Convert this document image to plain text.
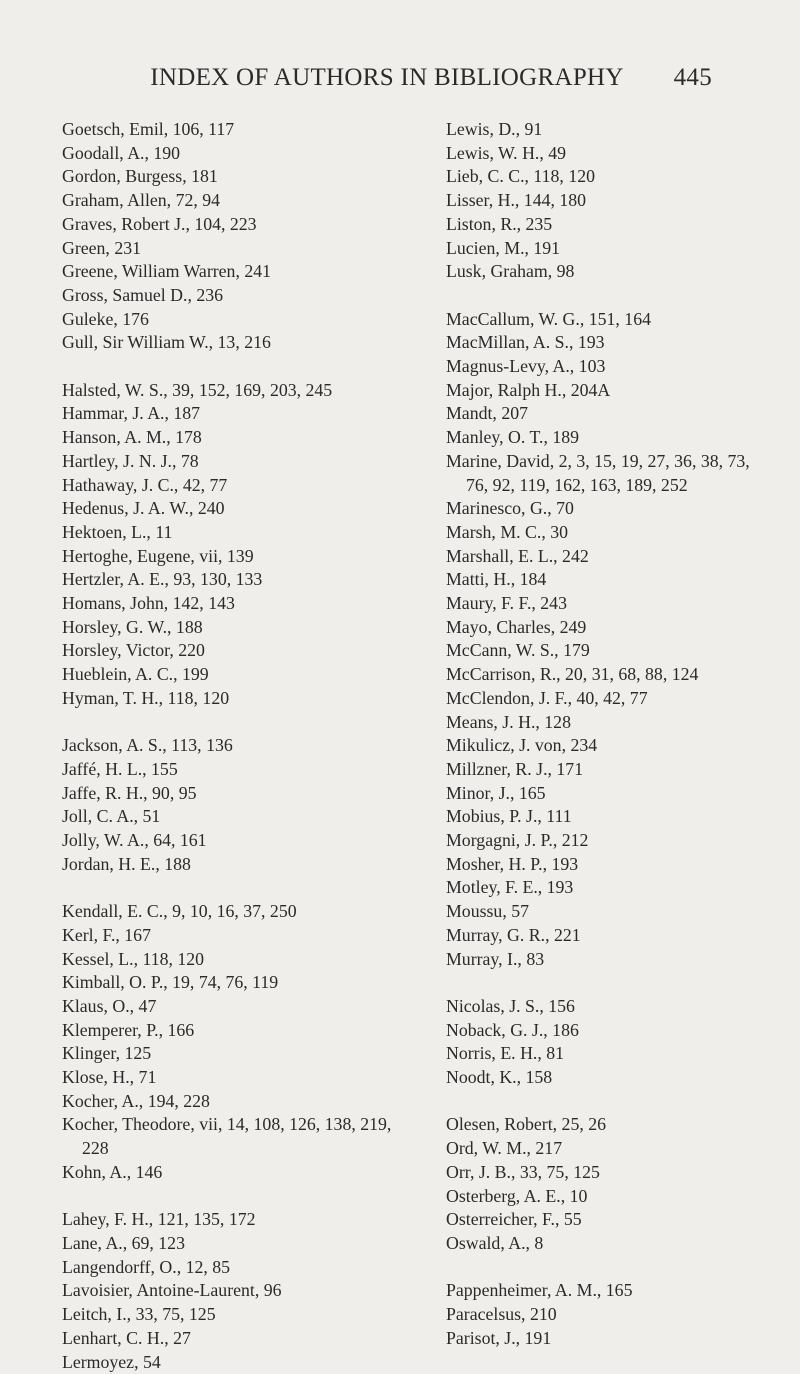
INDEX OF AUTHORS IN BIBLIOGRAPHY	445
Goetsch, Emil, 106, 117
Goodall, A., 190
Gordon, Burgess, 181
Graham, Allen, 72, 94
Graves, Robert J., 104, 223
Green, 231
Greene, William Warren, 241
Gross, Samuel D., 236
Guleke, 176
Gull, Sir William W., 13, 216
Halsted, W. S., 39, 152, 169, 203, 245
Hammar, J. A., 187
Hanson, A. M., 178
Hartley, J. N. J., 78
Hathaway, J. C., 42, 77
Hedenus, J. A. W., 240
Hektoen, L., 11
Hertoghe, Eugene, vii, 139
Hertzler, A. E., 93, 130, 133
Homans, John, 142, 143
Horsley, G. W., 188
Horsley, Victor, 220
Hueblein, A. C., 199
Hyman, T. H., 118, 120
Jackson, A. S., 113, 136
Jaffé, H. L., 155
Jaffe, R. H., 90, 95
Joll, C. A., 51
Jolly, W. A., 64, 161
Jordan, H. E., 188
Kendall, E. C., 9, 10, 16, 37, 250
Kerl, F., 167
Kessel, L., 118, 120
Kimball, O. P., 19, 74, 76, 119
Klaus, O., 47
Klemperer, P., 166
Klinger, 125
Klose, H., 71
Kocher, A., 194, 228
Kocher, Theodore, vii, 14, 108, 126, 138, 219, 228
Kohn, A., 146
Lahey, F. H., 121, 135, 172
Lane, A., 69, 123
Langendorff, O., 12, 85
Lavoisier, Antoine-Laurent, 96
Leitch, I., 33, 75, 125
Lenhart, C. H., 27
Lermoyez, 54
Lewis, D., 91
Lewis, W. H., 49
Lieb, C. C., 118, 120
Lisser, H., 144, 180
Liston, R., 235
Lucien, M., 191
Lusk, Graham, 98
MacCallum, W. G., 151, 164
MacMillan, A. S., 193
Magnus-Levy, A., 103
Major, Ralph H., 204A
Mandt, 207
Manley, O. T., 189
Marine, David, 2, 3, 15, 19, 27, 36, 38, 73, 76, 92, 119, 162, 163, 189, 252
Marinesco, G., 70
Marsh, M. C., 30
Marshall, E. L., 242
Matti, H., 184
Maury, F. F., 243
Mayo, Charles, 249
McCann, W. S., 179
McCarrison, R., 20, 31, 68, 88, 124
McClendon, J. F., 40, 42, 77
Means, J. H., 128
Mikulicz, J. von, 234
Millzner, R. J., 171
Minor, J., 165
Mobius, P. J., 111
Morgagni, J. P., 212
Mosher, H. P., 193
Motley, F. E., 193
Moussu, 57
Murray, G. R., 221
Murray, I., 83
Nicolas, J. S., 156
Noback, G. J., 186
Norris, E. H., 81
Noodt, K., 158
Olesen, Robert, 25, 26
Ord, W. M., 217
Orr, J. B., 33, 75, 125
Osterberg, A. E., 10
Osterreicher, F., 55
Oswald, A., 8
Pappenheimer, A. M., 165
Paracelsus, 210
Parisot, J., 191
